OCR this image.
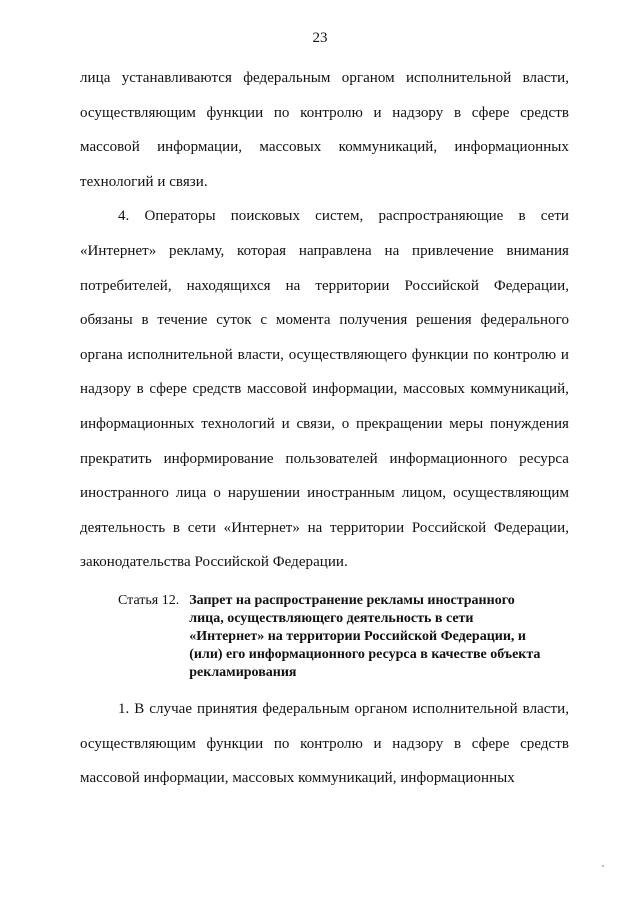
23

лица устанавливаются федеральным органом исполнительной власти, осуществляющим функции по контролю и надзору в сфере средств массовой информации, массовых коммуникаций, информационных технологий и связи.

4. Операторы поисковых систем, распространяющие в сети «Интернет» рекламу, которая направлена на привлечение внимания потребителей, находящихся на территории Российской Федерации, обязаны в течение суток с момента получения решения федерального органа исполнительной власти, осуществляющего функции по контролю и надзору в сфере средств массовой информации, массовых коммуникаций, информационных технологий и связи, о прекращении меры понуждения прекратить информирование пользователей информационного ресурса иностранного лица о нарушении иностранным лицом, осуществляющим деятельность в сети «Интернет» на территории Российской Федерации, законодательства Российской Федерации.

Статья 12. Запрет на распространение рекламы иностранного лица, осуществляющего деятельность в сети «Интернет» на территории Российской Федерации, и (или) его информационного ресурса в качестве объекта рекламирования

1. В случае принятия федеральным органом исполнительной власти, осуществляющим функции по контролю и надзору в сфере средств массовой информации, массовых коммуникаций, информационных
